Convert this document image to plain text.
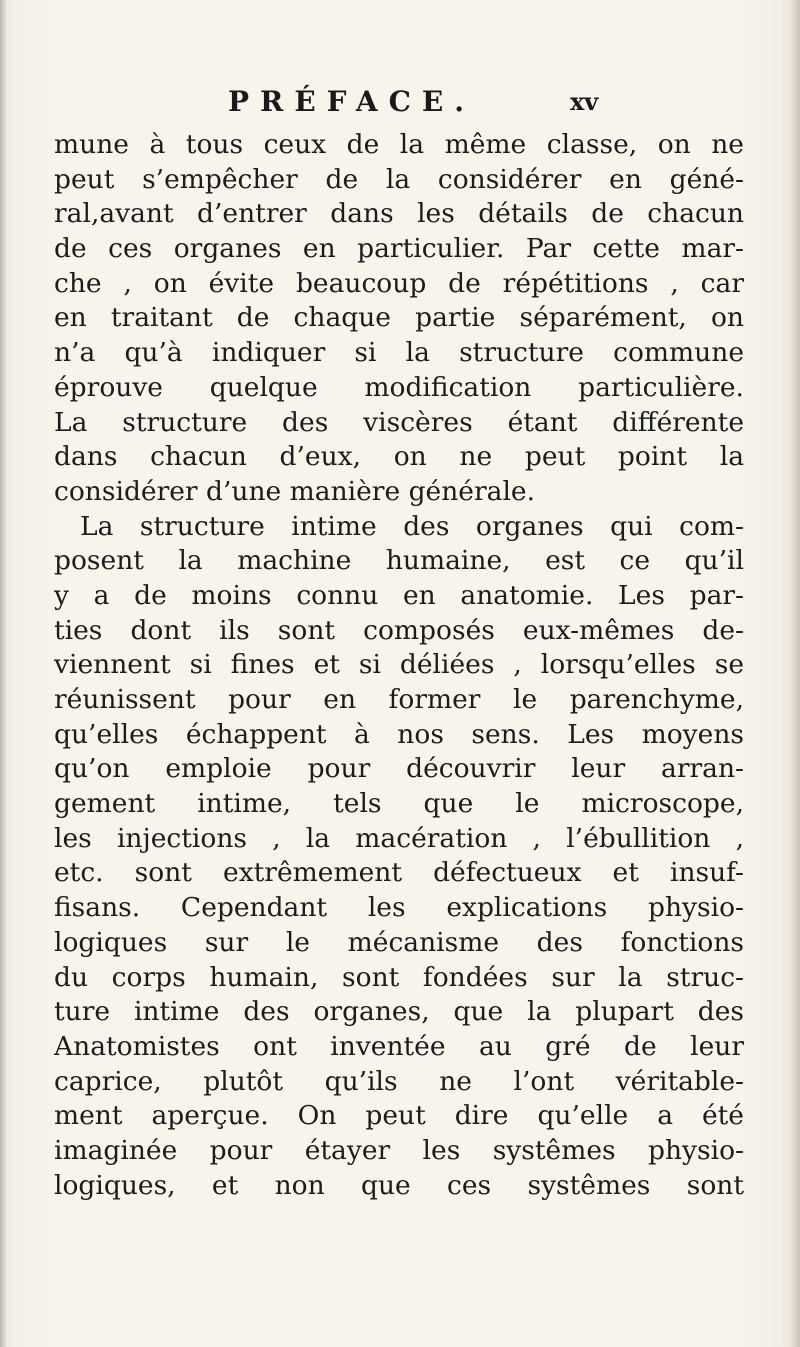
PRÉFACE.	xv
mune à tous ceux de la même classe, on ne
peut s’empêcher de la considérer en géné-
ral,avant d’entrer dans les détails de chacun
de ces organes en particulier. Par cette mar-
che , on évite beaucoup de répétitions , car
en traitant de chaque partie séparément, on
n’a qu’à indiquer si la structure commune
éprouve quelque modification particulière.
La structure des viscères étant différente
dans chacun d’eux, on ne peut point la
considérer d’une manière générale.
La structure intime des organes qui com-
posent la machine humaine, est ce qu’il
y a de moins connu en anatomie. Les par-
ties dont ils sont composés eux-mêmes de-
viennent si fines et si déliées , lorsqu’elles se
réunissent pour en former le parenchyme,
qu’elles échappent à nos sens. Les moyens
qu’on emploie pour découvrir leur arran-
gement intime, tels que le microscope,
les injections , la macération , l’ébullition ,
etc. sont extrêmement défectueux et insuf-
fisans. Cependant les explications physio-
logiques sur le mécanisme des fonctions
du corps humain, sont fondées sur la struc-
ture intime des organes, que la plupart des
Anatomistes ont inventée au gré de leur
caprice, plutôt qu’ils ne l’ont véritable-
ment aperçue. On peut dire qu’elle a été
imaginée pour étayer les systêmes physio-
logiques, et non que ces systêmes sont
